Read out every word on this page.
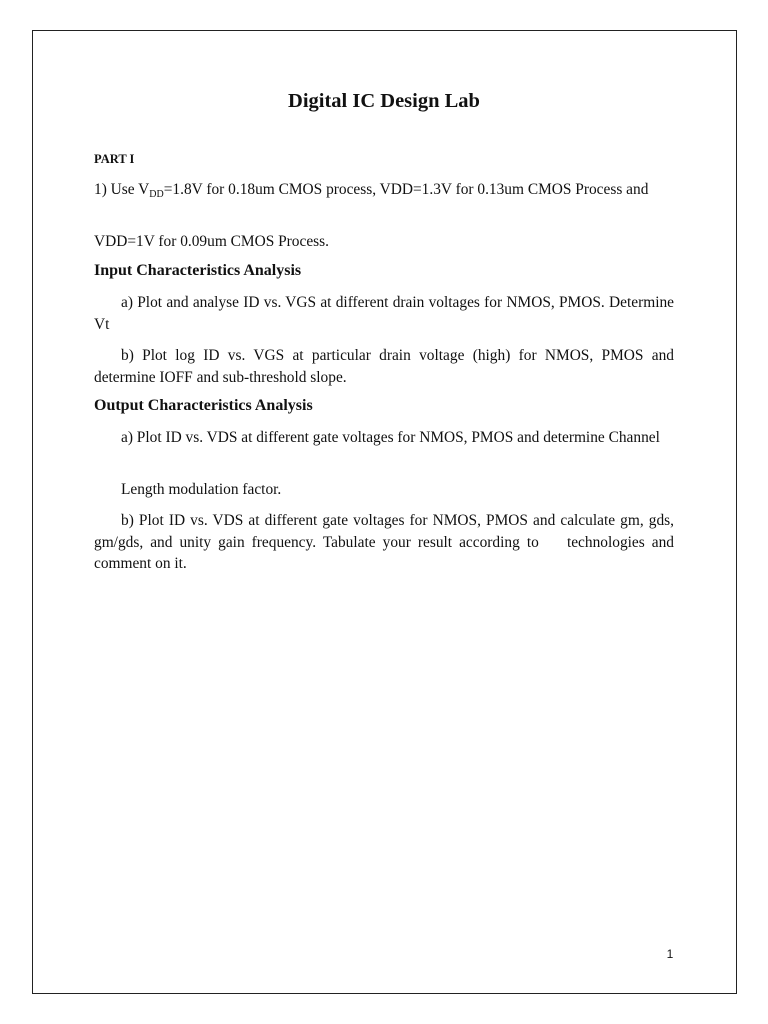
Digital IC Design Lab

PART I

1) Use $V_{DD}=1.8V$ for 0.18um CMOS process, VDD=1.3V for 0.13um CMOS Process and

VDD=1V for 0.09um CMOS Process.

Input Characteristics Analysis

a) Plot and analyse ID vs. VGS at different drain voltages for NMOS, PMOS. Determine Vt

b) Plot log ID vs. VGS at particular drain voltage (high) for NMOS, PMOS and determine IOFF and sub-threshold slope.

Output Characteristics Analysis

a) Plot ID vs. VDS at different gate voltages for NMOS, PMOS and determine Channel

Length modulation factor.

b) Plot ID vs. VDS at different gate voltages for NMOS, PMOS and calculate gm, gds, gm/gds, and unity gain frequency. Tabulate your result according to    technologies and comment on it.

1
